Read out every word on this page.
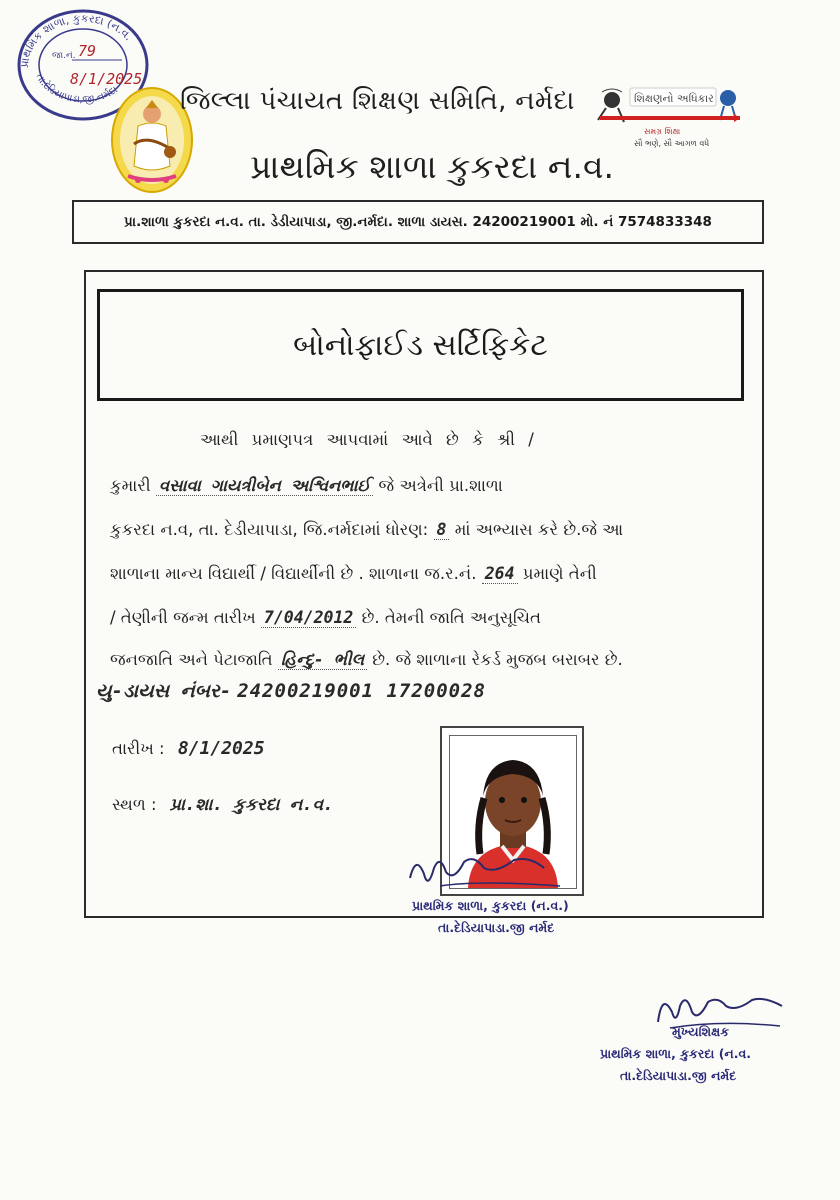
પ્રાથમિક શાળા, કુકરદા (ન.વ.
તા.દેડિયાપાડા,જી.નર્મદા
જા.નં. 79
8/1/2025
શિક્ષણનો અધિકાર
સમગ્ર શિક્ષા
સૌ ભણે, સૌ આગળ વધે
જિલ્લા પંચાયત શિક્ષણ સમિતિ, નર્મદા
પ્રાથમિક શાળા કુકરદા ન.વ.
પ્રા.શાળા કુકરદા ન.વ. તા. ડેડીયાપાડા, જી.નર્મદા. શાળા ડાયસ. 24200219001 મો. નં 7574833348
બોનોફાઈડ સર્ટિફિકેટ
આથી પ્રમાણપત્ર આપવામાં આવે છે કે શ્રી /
કુમારી વસાવા ગાયત્રીબેન અશ્વિનભાઈ જે અત્રેની પ્રા.શાળા
કુકરદા ન.વ, તા. દેડીયાપાડા, જિ.નર્મદામાં ધોરણ: 8 માં અભ્યાસ કરે છે.જે આ
શાળાના માન્ય વિદ્યાર્થી / વિદ્યાર્થીની છે . શાળાના જ.ર.નં. 264 પ્રમાણે તેની
/ તેણીની જન્મ તારીખ 7/04/2012 છે. તેમની જાતિ અનુસૂચિત
જનજાતિ અને પેટાજાતિ હિન્દુ- ભીલ છે. જે શાળાના રેકર્ડ મુજબ બરાબર છે.
યુ-ડાયસ નંબર- 24200219001 17200028
તારીખ : 8/1/2025
સ્થળ : પ્રા.શા. કુકરદા ન.વ.
પ્રાથમિક શાળા, કુકરદા (ન.વ.)
તા.દેડિયાપાડા.જી નર્મદ
મુખ્યશિક્ષક
પ્રાથમિક શાળા, કુકરદા (ન.વ.
તા.દેડિયાપાડા.જી નર્મદ
